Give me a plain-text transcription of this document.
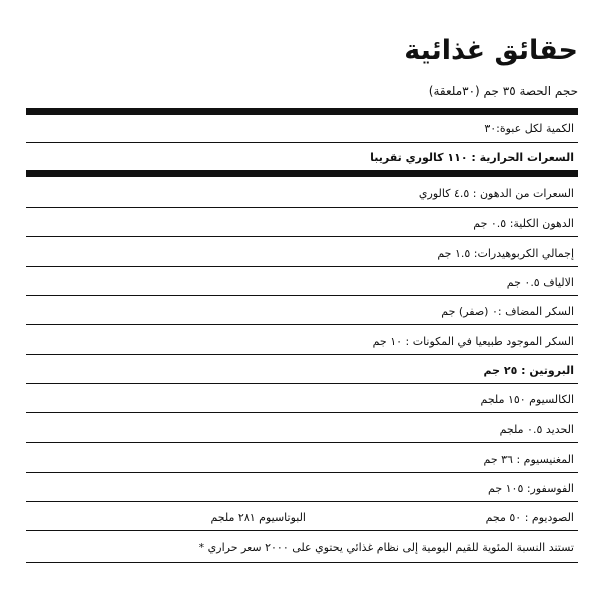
حقائق غذائية
حجم الحصة ٣٥ جم (٣٠ملعقة)
الكمية لكل عبوة:٣٠
السعرات الحرارية : ١١٠ كالوري تقريبا
السعرات من الدهون : ٤.٥ كالوري
الدهون الكلية: ٠.٥ جم
إجمالي الكربوهيدرات: ١.٥ جم
الالياف ٠.٥ جم
السكر المضاف :٠ (صفر) جم
السكر الموجود طبيعيا في المكونات : ١٠ جم
البروتين : ٢٥ جم
الكالسيوم ١٥٠ ملجم
الحديد ٠.٥ ملجم
المغنيسيوم : ٣٦ جم
الفوسفور: ١٠٥ جم
الصوديوم : ٥٠ مجم
البوتاسيوم ٢٨١ ملجم
تستند النسبة المئوية للقيم اليومية إلى نظام غذائي يحتوي على ٢٠٠٠ سعر حراري *
